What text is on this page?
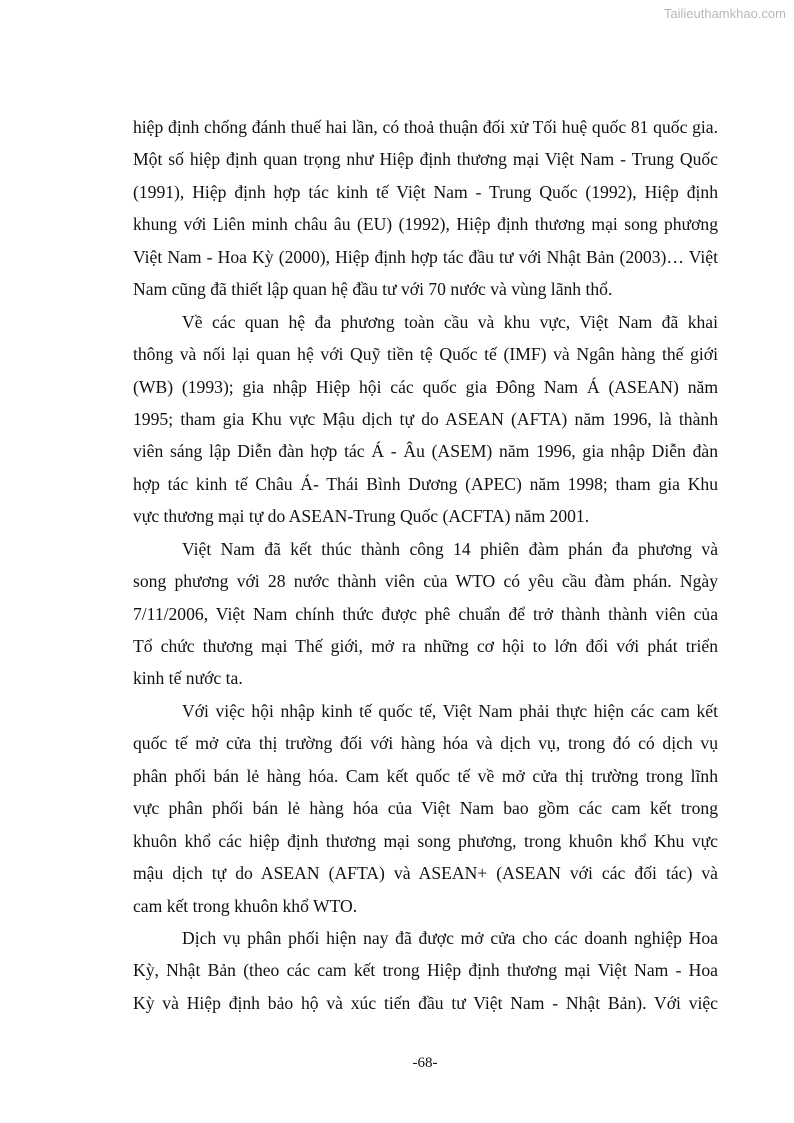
Tailieuthamkhao.com
hiệp định chống đánh thuế hai lần, có thoả thuận đối xử Tối huệ quốc 81 quốc gia.
Một số hiệp định quan trọng như Hiệp định thương mại Việt Nam - Trung Quốc
(1991), Hiệp định hợp tác kinh tế Việt Nam - Trung Quốc (1992), Hiệp định
khung với Liên minh châu âu (EU) (1992), Hiệp định thương mại song phương
Việt Nam - Hoa Kỳ (2000), Hiệp định hợp tác đầu tư với Nhật Bản (2003)… Việt
Nam cũng đã thiết lập quan hệ đầu tư với 70 nước và vùng lãnh thổ.
Về các quan hệ đa phương toàn cầu và khu vực, Việt Nam đã khai
thông và nối lại quan hệ với Quỹ tiền tệ Quốc tế (IMF) và Ngân hàng thế giới
(WB) (1993); gia nhập Hiệp hội các quốc gia Đông Nam Á (ASEAN) năm
1995; tham gia Khu vực Mậu dịch tự do ASEAN (AFTA) năm 1996, là thành
viên sáng lập Diễn đàn hợp tác Á - Âu (ASEM) năm 1996, gia nhập Diễn đàn
hợp tác kinh tế Châu Á- Thái Bình Dương (APEC) năm 1998; tham gia Khu
vực thương mại tự do ASEAN-Trung Quốc (ACFTA) năm 2001.
Việt Nam đã kết thúc thành công 14 phiên đàm phán đa phương và
song phương với 28 nước thành viên của WTO có yêu cầu đàm phán. Ngày
7/11/2006, Việt Nam chính thức được phê chuẩn để trở thành thành viên của
Tổ chức thương mại Thế giới, mở ra những cơ hội to lớn đối với phát triển
kinh tế nước ta.
Với việc hội nhập kinh tế quốc tế, Việt Nam phải thực hiện các cam kết
quốc tế mở cửa thị trường đối với hàng hóa và dịch vụ, trong đó có dịch vụ
phân phối bán lẻ hàng hóa. Cam kết quốc tế về mở cửa thị trường trong lĩnh
vực phân phối bán lẻ hàng hóa của Việt Nam bao gồm các cam kết trong
khuôn khổ các hiệp định thương mại song phương, trong khuôn khổ Khu vực
mậu dịch tự do ASEAN (AFTA) và ASEAN+ (ASEAN với các đối tác) và
cam kết trong khuôn khổ WTO.
Dịch vụ phân phối hiện nay đã được mở cửa cho các doanh nghiệp Hoa
Kỳ, Nhật Bản (theo các cam kết trong Hiệp định thương mại Việt Nam - Hoa
Kỳ và Hiệp định bảo hộ và xúc tiến đầu tư Việt Nam - Nhật Bản). Với việc
-68-
